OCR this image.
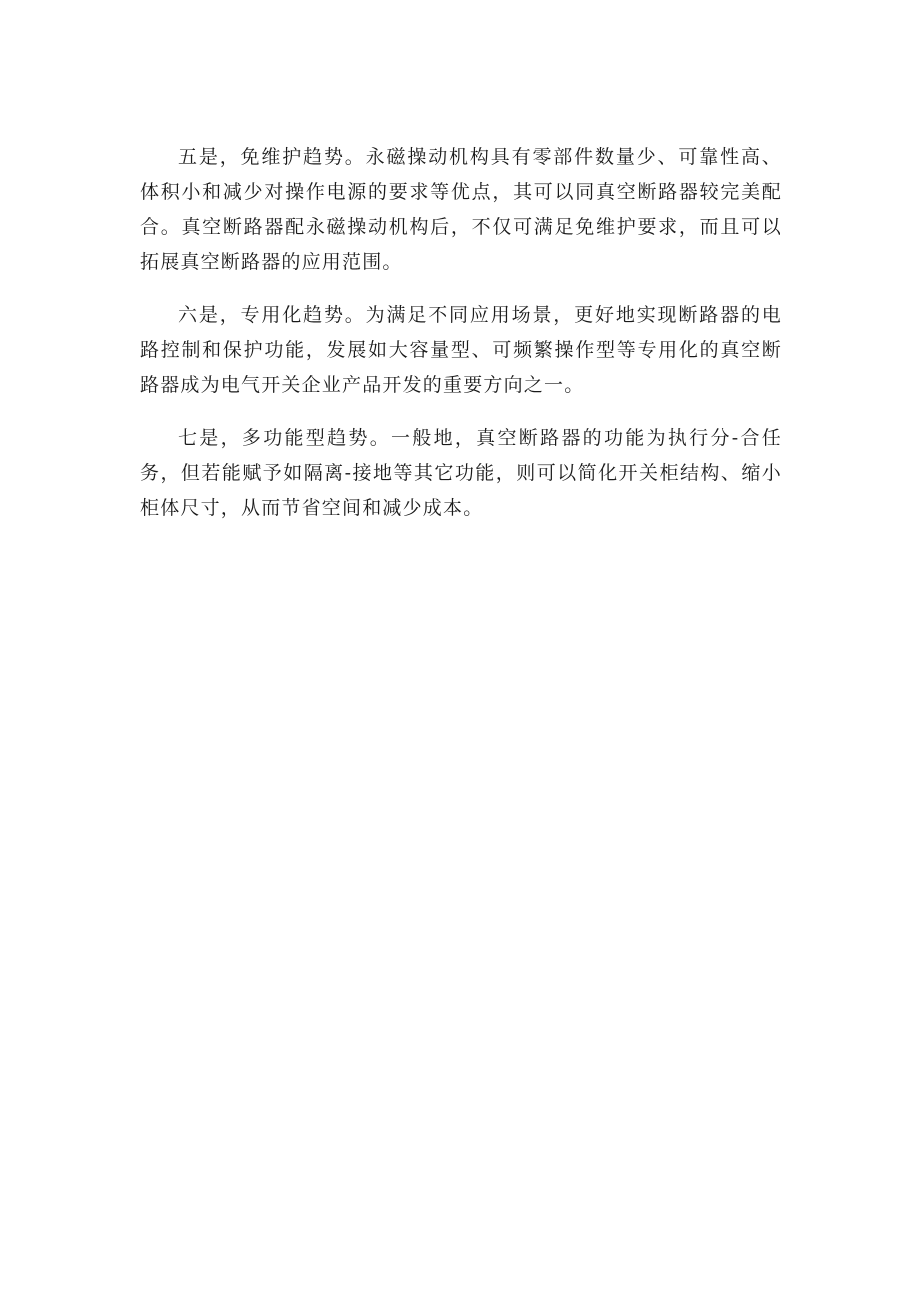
五是，免维护趋势。永磁操动机构具有零部件数量少、可靠性高、体积小和减少对操作电源的要求等优点，其可以同真空断路器较完美配合。真空断路器配永磁操动机构后，不仅可满足免维护要求，而且可以拓展真空断路器的应用范围。

六是，专用化趋势。为满足不同应用场景，更好地实现断路器的电路控制和保护功能，发展如大容量型、可频繁操作型等专用化的真空断路器成为电气开关企业产品开发的重要方向之一。

七是，多功能型趋势。一般地，真空断路器的功能为执行分-合任务，但若能赋予如隔离-接地等其它功能，则可以简化开关柜结构、缩小柜体尺寸，从而节省空间和减少成本。
